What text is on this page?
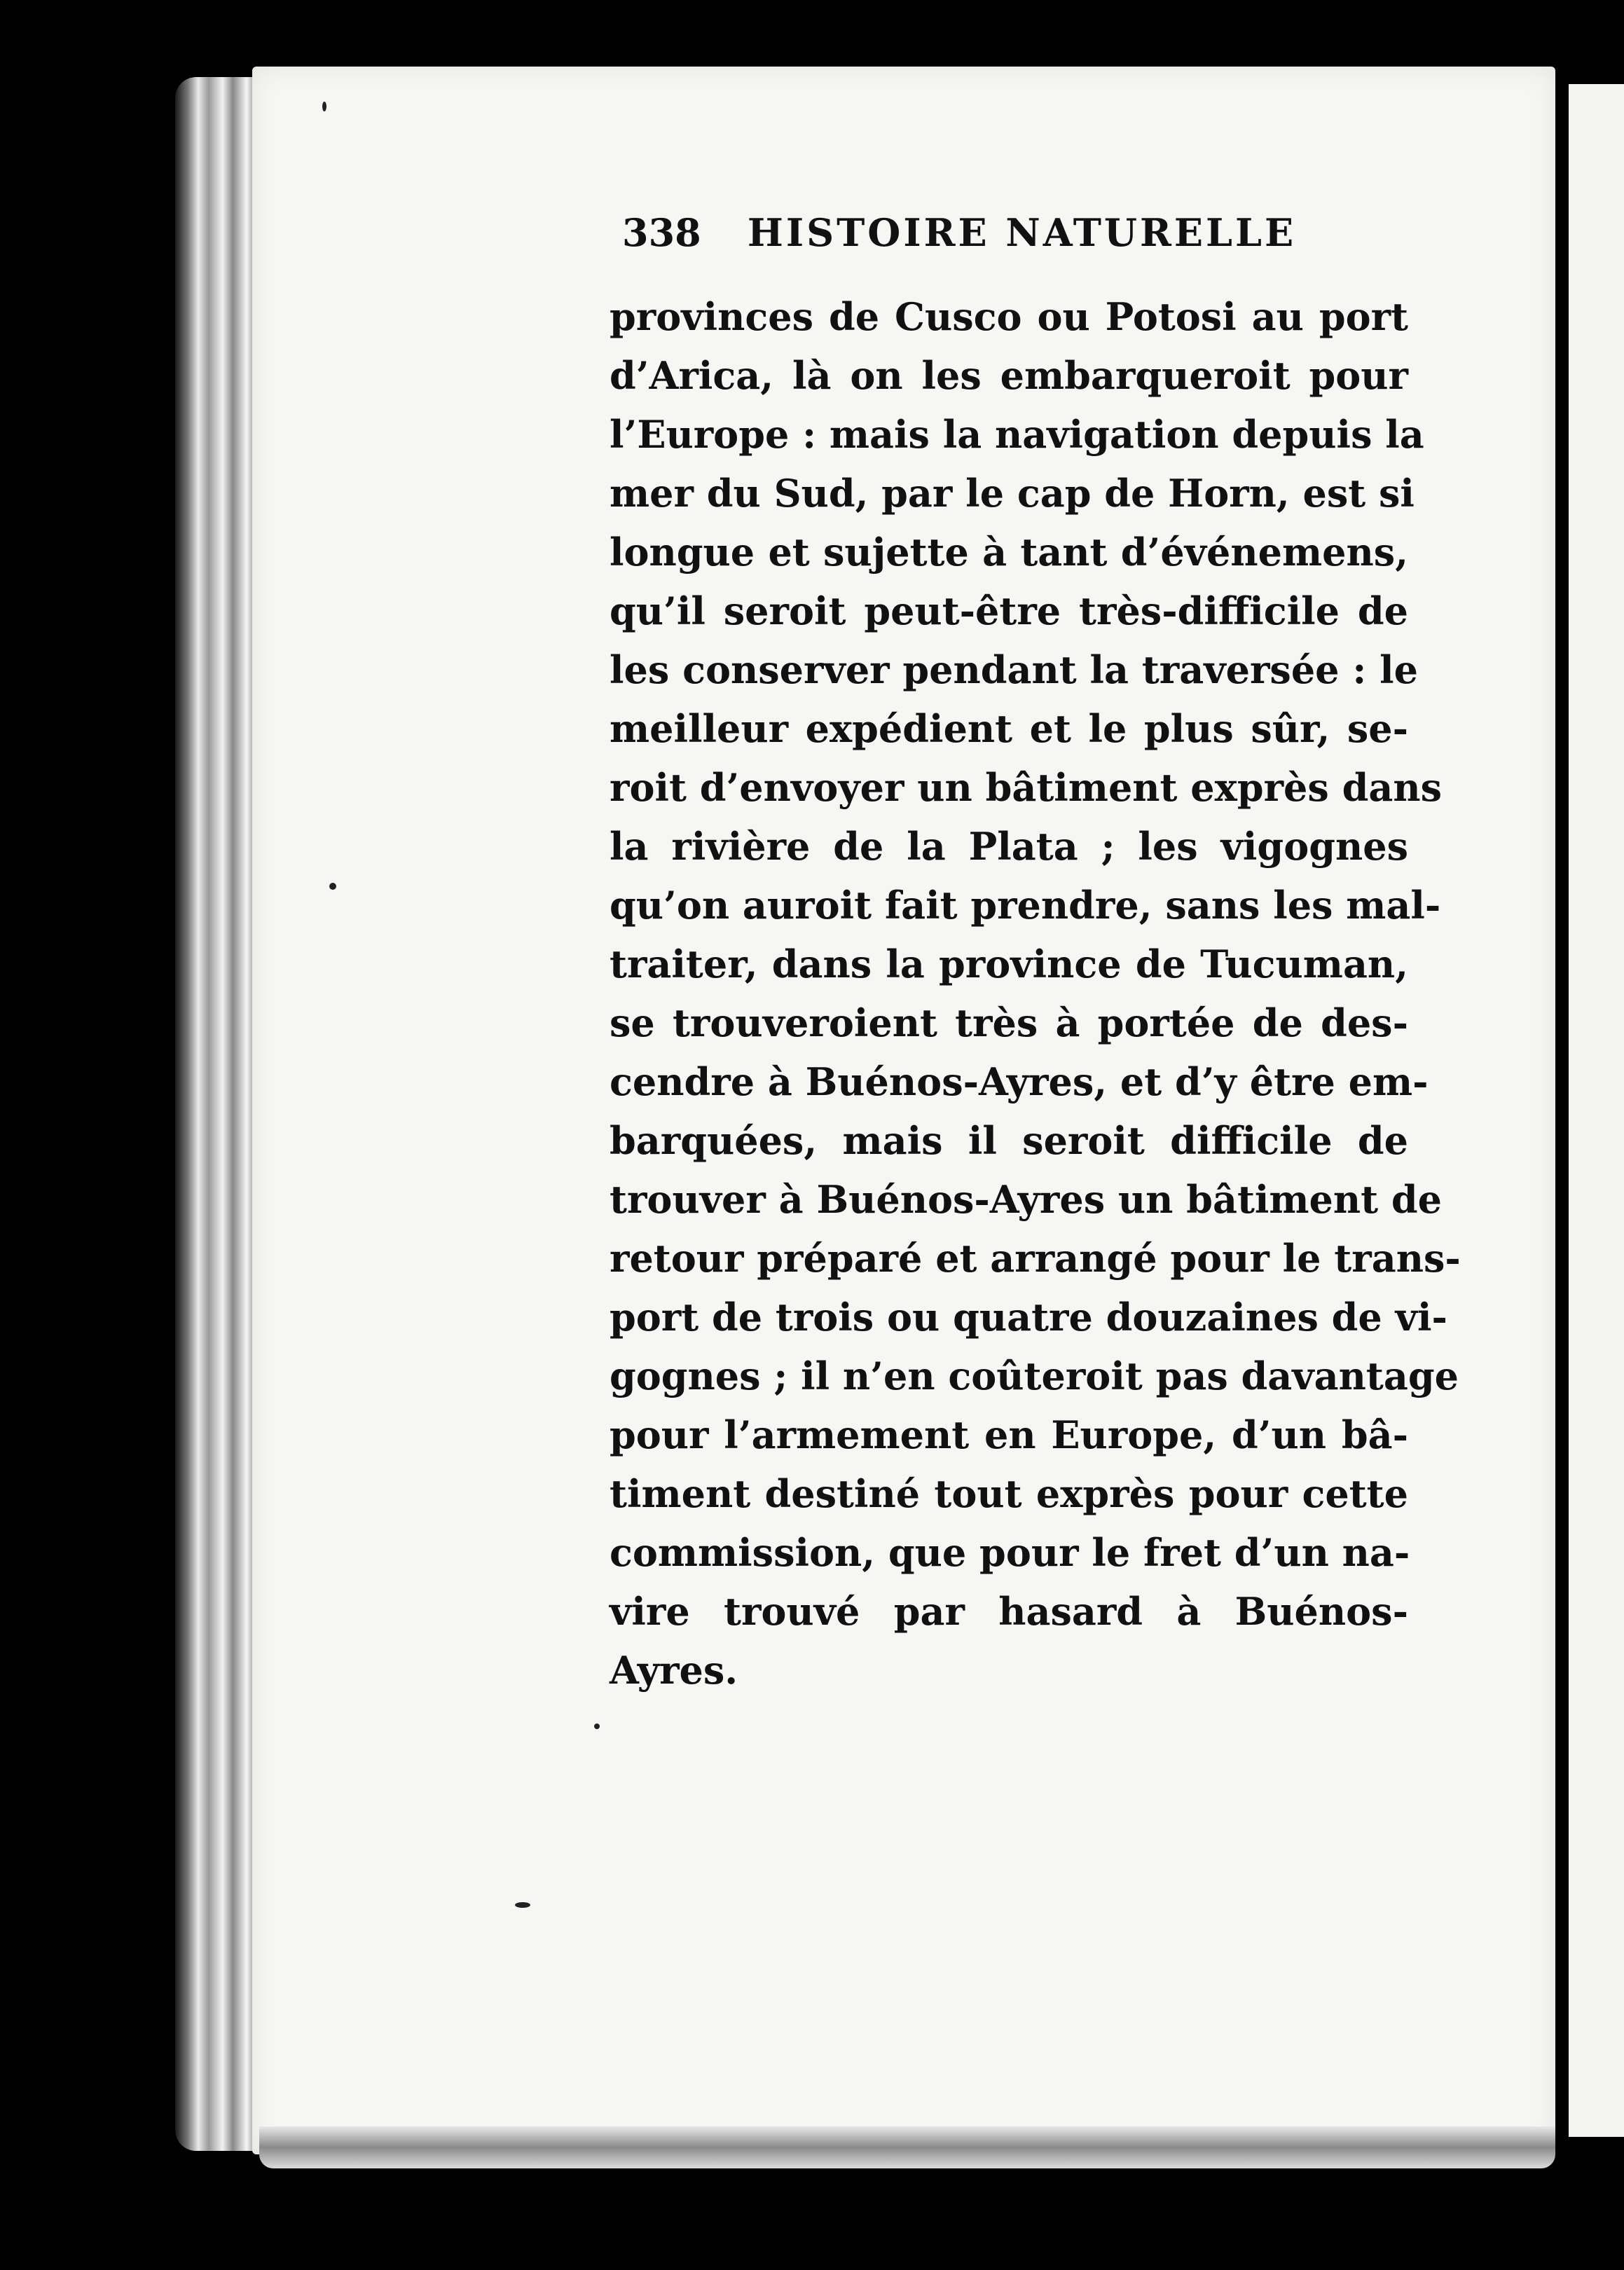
338 HISTOIRE NATURELLE
provinces de Cusco ou Potosi au port
d’Arica, là on les embarqueroit pour
l’Europe : mais la navigation depuis la
mer du Sud, par le cap de Horn, est si
longue et sujette à tant d’événemens,
qu’il seroit peut-être très-difficile de
les conserver pendant la traversée : le
meilleur expédient et le plus sûr, se-
roit d’envoyer un bâtiment exprès dans
la rivière de la Plata ; les vigognes
qu’on auroit fait prendre, sans les mal-
traiter, dans la province de Tucuman,
se trouveroient très à portée de des-
cendre à Buénos-Ayres, et d’y être em-
barquées, mais il seroit difficile de
trouver à Buénos-Ayres un bâtiment de
retour préparé et arrangé pour le trans-
port de trois ou quatre douzaines de vi-
gognes ; il n’en coûteroit pas davantage
pour l’armement en Europe, d’un bâ-
timent destiné tout exprès pour cette
commission, que pour le fret d’un na-
vire trouvé par hasard à Buénos-
Ayres.
